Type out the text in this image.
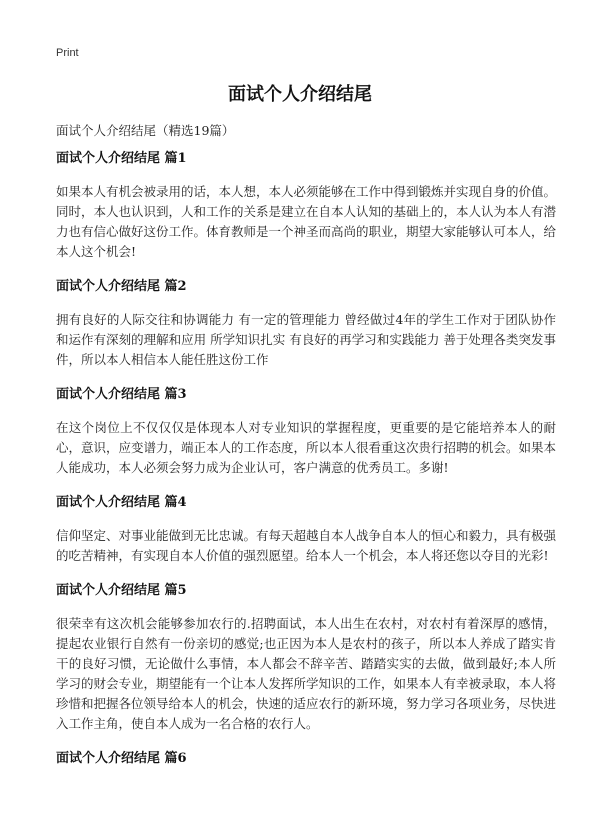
Print
面试个人介绍结尾
面试个人介绍结尾（精选19篇）
面试个人介绍结尾 篇1
如果本人有机会被录用的话，本人想，本人必须能够在工作中得到锻炼并实现自身的价值。同时，本人也认识到，人和工作的关系是建立在自本人认知的基础上的，本人认为本人有潜力也有信心做好这份工作。体育教师是一个神圣而高尚的职业，期望大家能够认可本人，给本人这个机会!
面试个人介绍结尾 篇2
拥有良好的人际交往和协调能力 有一定的管理能力 曾经做过4年的学生工作对于团队协作和运作有深刻的理解和应用 所学知识扎实 有良好的再学习和实践能力 善于处理各类突发事件，所以本人相信本人能任胜这份工作
面试个人介绍结尾 篇3
在这个岗位上不仅仅仅是体现本人对专业知识的掌握程度，更重要的是它能培养本人的耐心，意识，应变谱力，端正本人的工作态度，所以本人很看重这次贵行招聘的机会。如果本人能成功，本人必须会努力成为企业认可，客户满意的优秀员工。多谢!
面试个人介绍结尾 篇4
信仰坚定、对事业能做到无比忠诚。有每天超越自本人战争自本人的恒心和毅力，具有极强的吃苦精神，有实现自本人价值的强烈愿望。给本人一个机会，本人将还您以夺目的光彩!
面试个人介绍结尾 篇5
很荣幸有这次机会能够参加农行的.招聘面试，本人出生在农村，对农村有着深厚的感情，提起农业银行自然有一份亲切的感觉;也正因为本人是农村的孩子，所以本人养成了踏实肯干的良好习惯，无论做什么事情，本人都会不辞辛苦、踏踏实实的去做，做到最好;本人所学习的财会专业，期望能有一个让本人发挥所学知识的工作，如果本人有幸被录取，本人将珍惜和把握各位领导给本人的机会，快速的适应农行的新环境，努力学习各项业务，尽快进入工作主角，使自本人成为一名合格的农行人。
面试个人介绍结尾 篇6
